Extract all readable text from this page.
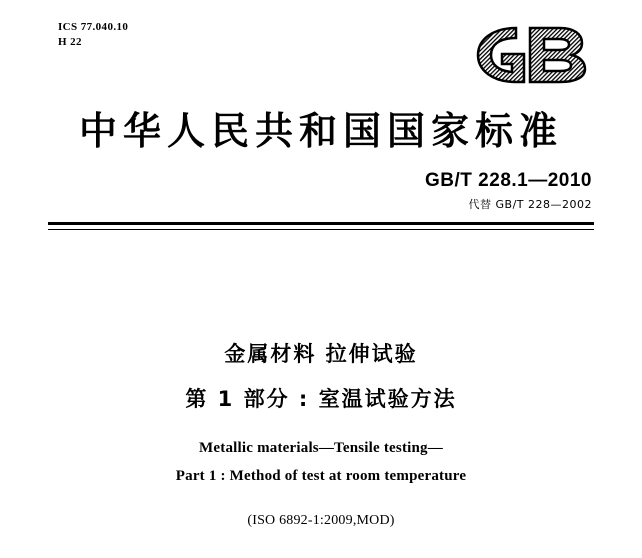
ICS 77.040.10
H 22
中华人民共和国国家标准
GB/T 228.1—2010
代替 GB/T 228—2002
金属材料 拉伸试验
第 1 部分 : 室温试验方法
Metallic materials—Tensile testing—
Part 1 : Method of test at room temperature
(ISO 6892-1:2009,MOD)
